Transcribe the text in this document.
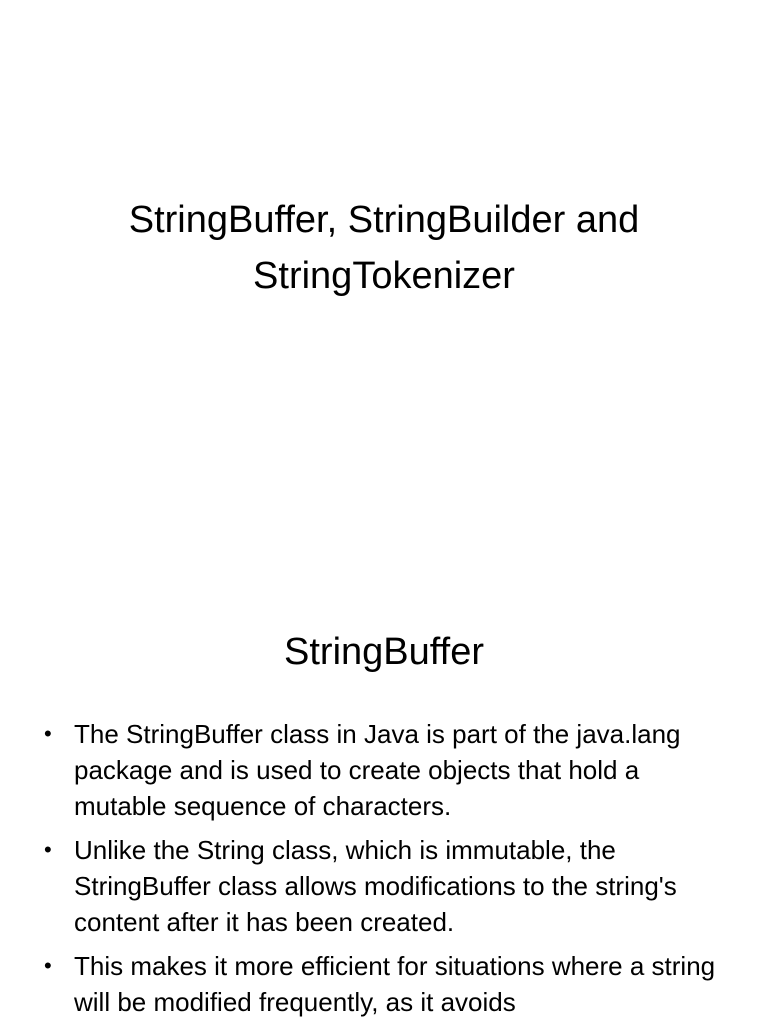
StringBuffer, StringBuilder and
StringTokenizer
StringBuffer
• The StringBuffer class in Java is part of the java.lang package and is used to create objects that hold a mutable sequence of characters.
• Unlike the String class, which is immutable, the StringBuffer class allows modifications to the string's content after it has been created.
• This makes it more efficient for situations where a string will be modified frequently, as it avoids
